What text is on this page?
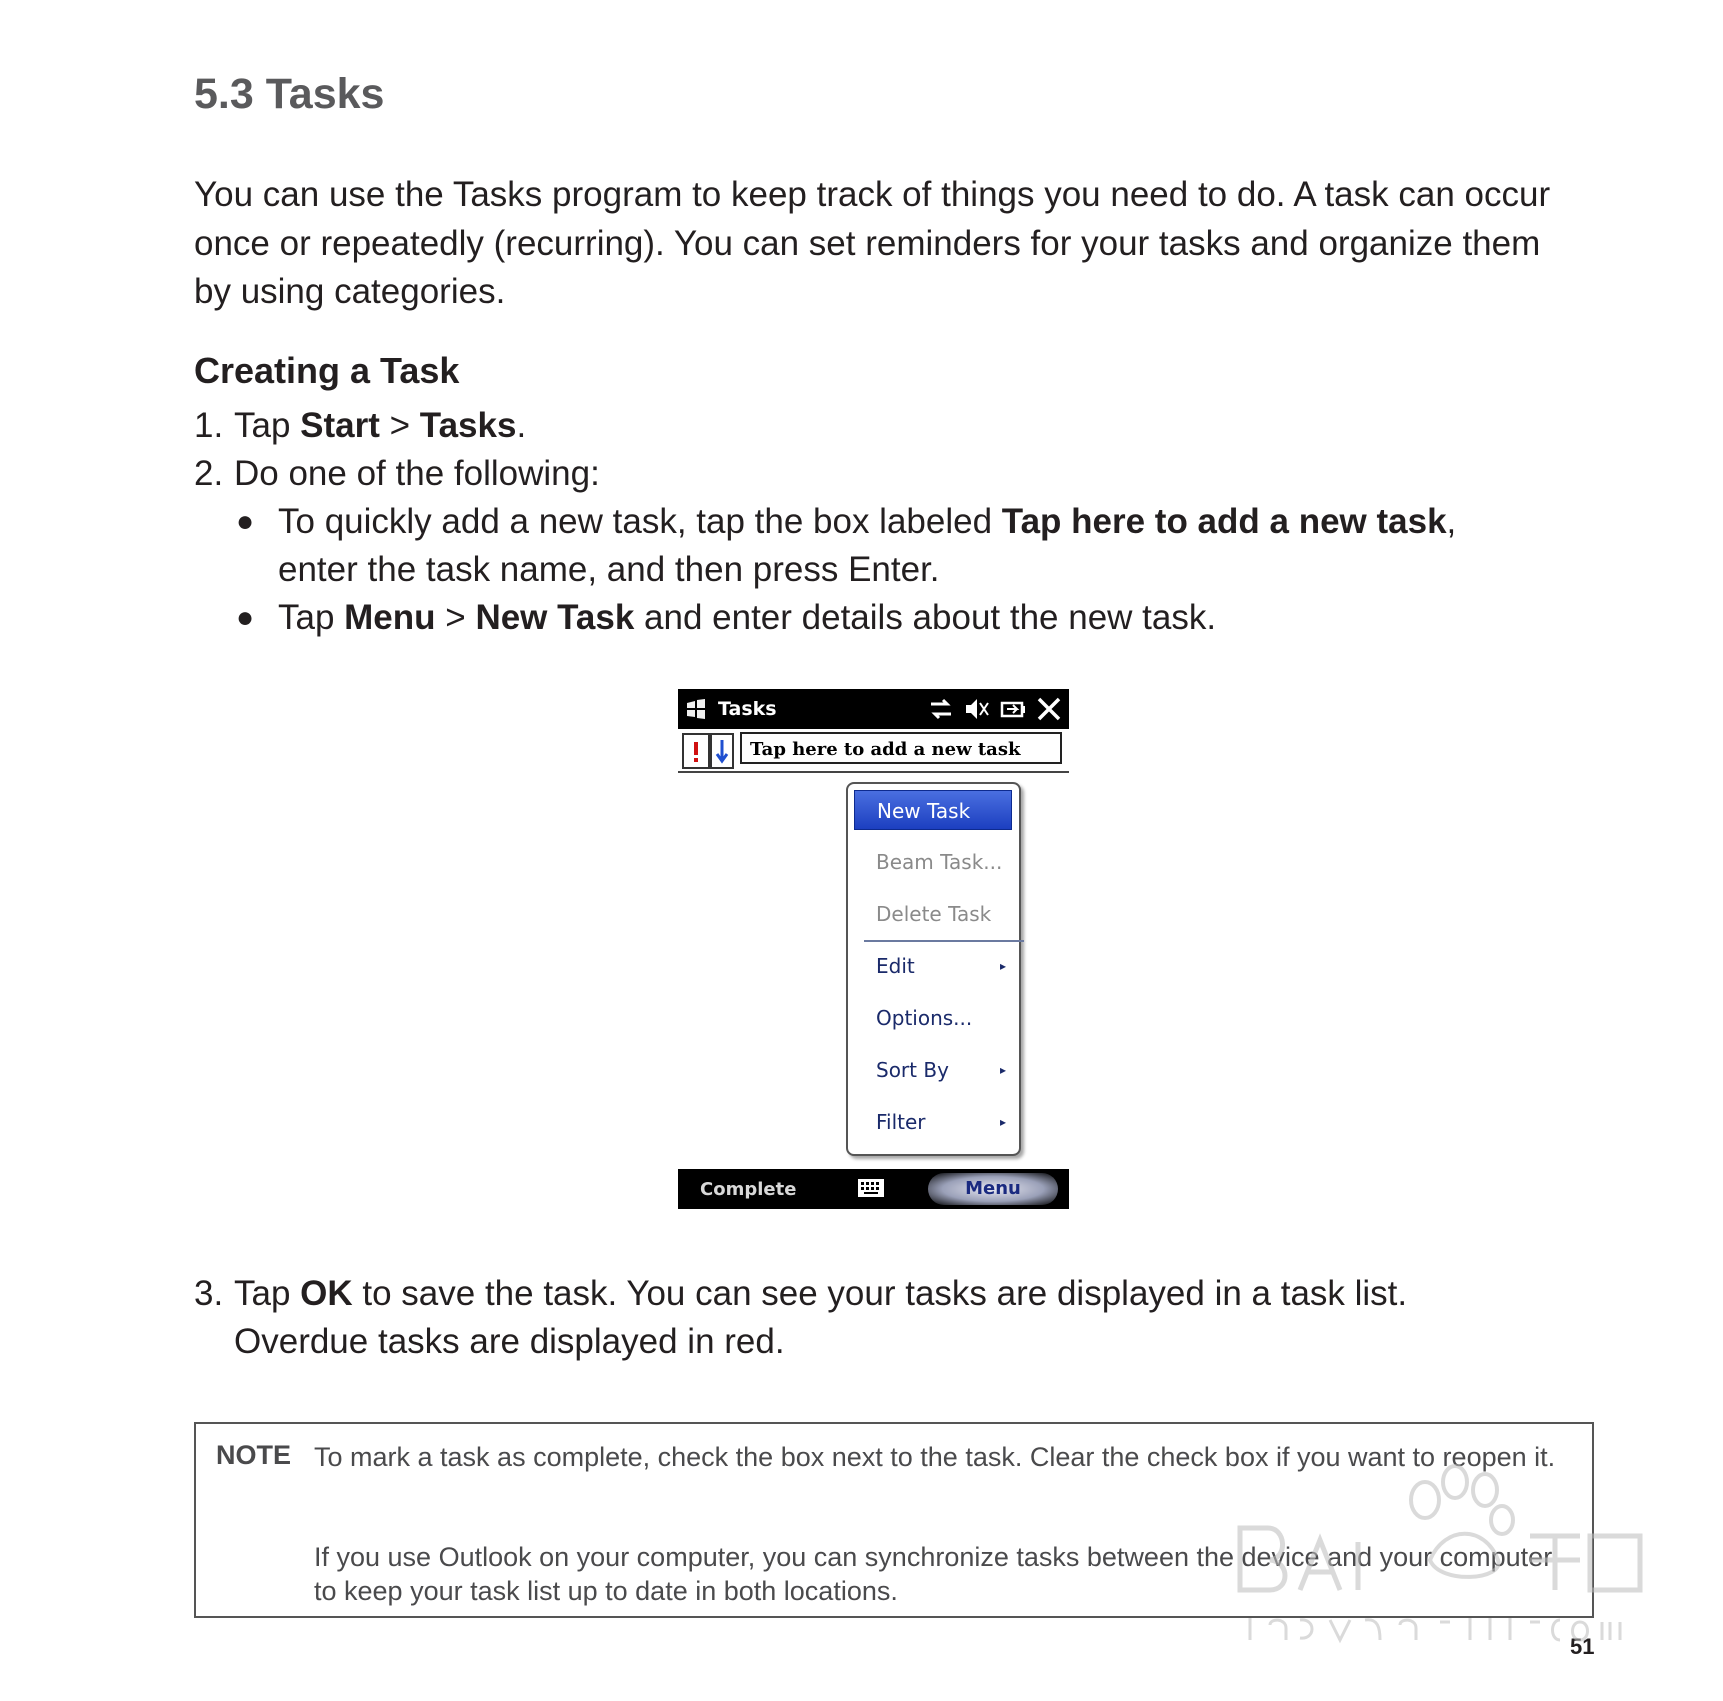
5.3 Tasks
You can use the Tasks program to keep track of things you need to do. A task can occur once or repeatedly (recurring). You can set reminders for your tasks and organize them by using categories.
Creating a Task
1. Tap Start > Tasks.
2. Do one of the following:
● To quickly add a new task, tap the box labeled Tap here to add a new task,
enter the task name, and then press Enter.
● Tap Menu > New Task and enter details about the new task.
Tasks
Tap here to add a new task
New Task
Beam Task...
Delete Task
Edit	▸
Options...
Sort By	▸
Filter	▸
Complete	Menu
3. Tap OK to save the task. You can see your tasks are displayed in a task list.
Overdue tasks are displayed in red.
NOTE To mark a task as complete, check the box next to the task. Clear the check box if you want to reopen it.
If you use Outlook on your computer, you can synchronize tasks between the device and your computer to keep your task list up to date in both locations.
51
